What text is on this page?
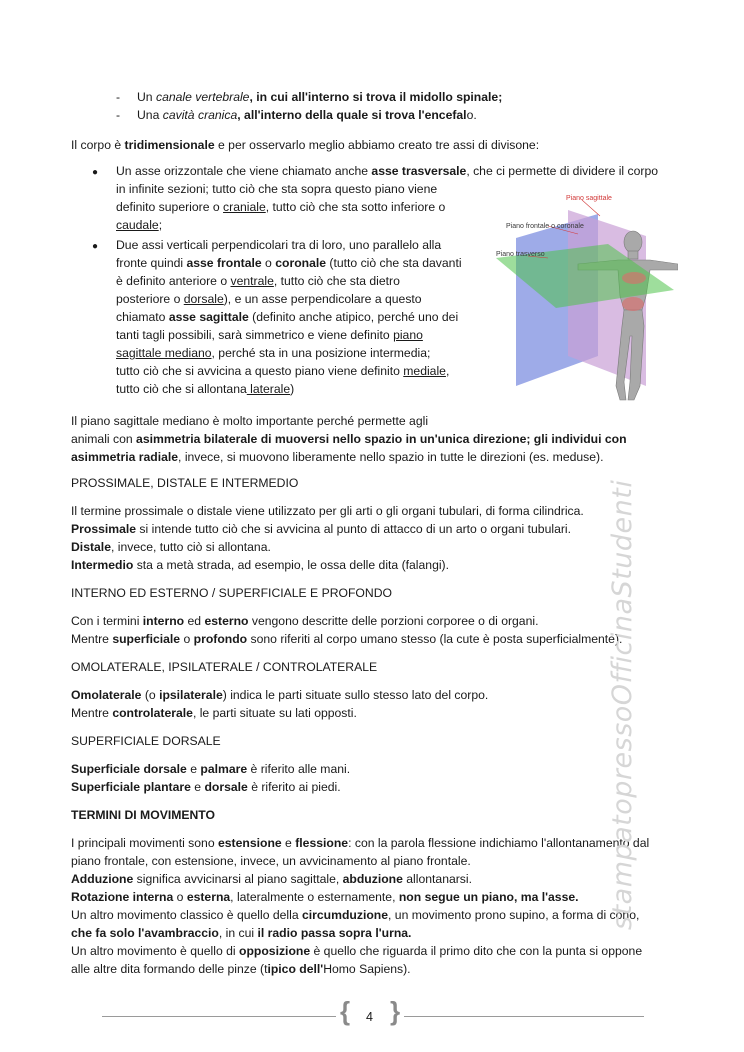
- Un canale vertebrale, in cui all'interno si trova il midollo spinale;
- Una cavità cranica, all'interno della quale si trova l'encefalo.
Il corpo è tridimensionale e per osservarlo meglio abbiamo creato tre assi di divisone:
● Un asse orizzontale che viene chiamato anche asse trasversale, che ci permette di dividere il corpo
in infinite sezioni; tutto ciò che sta sopra questo piano viene
definito superiore o craniale, tutto ciò che sta sotto inferiore o
caudale;
● Due assi verticali perpendicolari tra di loro, uno parallelo alla
fronte quindi asse frontale o coronale (tutto ciò che sta davanti
è definito anteriore o ventrale, tutto ciò che sta dietro
posteriore o dorsale), e un asse perpendicolare a questo
chiamato asse sagittale (definito anche atipico, perché uno dei
tanti tagli possibili, sarà simmetrico e viene definito piano
sagittale mediano, perché sta in una posizione intermedia;
tutto ciò che si avvicina a questo piano viene definito mediale,
tutto ciò che si allontana laterale)
Piano sagittale
Piano frontale o coronale
Piano trasverso
Il piano sagittale mediano è molto importante perché permette agli
animali con asimmetria bilaterale di muoversi nello spazio in un'unica direzione; gli individui con
asimmetria radiale, invece, si muovono liberamente nello spazio in tutte le direzioni (es. meduse).
PROSSIMALE, DISTALE E INTERMEDIO
Il termine prossimale o distale viene utilizzato per gli arti o gli organi tubulari, di forma cilindrica.
Prossimale si intende tutto ciò che si avvicina al punto di attacco di un arto o organi tubulari.
Distale, invece, tutto ciò si allontana.
Intermedio sta a metà strada, ad esempio, le ossa delle dita (falangi).
INTERNO ED ESTERNO / SUPERFICIALE E PROFONDO
Con i termini interno ed esterno vengono descritte delle porzioni corporee o di organi.
Mentre superficiale o profondo sono riferiti al corpo umano stesso (la cute è posta superficialmente).
OMOLATERALE, IPSILATERALE / CONTROLATERALE
Omolaterale (o ipsilaterale) indica le parti situate sullo stesso lato del corpo.
Mentre controlaterale, le parti situate su lati opposti.
SUPERFICIALE DORSALE
Superficiale dorsale e palmare è riferito alle mani.
Superficiale plantare e dorsale è riferito ai piedi.
TERMINI DI MOVIMENTO
I principali movimenti sono estensione e flessione: con la parola flessione indichiamo l'allontanamento dal
piano frontale, con estensione, invece, un avvicinamento al piano frontale.
Adduzione significa avvicinarsi al piano sagittale, abduzione allontanarsi.
Rotazione interna o esterna, lateralmente o esternamente, non segue un piano, ma l'asse.
Un altro movimento classico è quello della circumduzione, un movimento prono supino, a forma di cono,
che fa solo l'avambraccio, in cui il radio passa sopra l'urna.
Un altro movimento è quello di opposizione è quello che riguarda il primo dito che con la punta si oppone
alle altre dita formando delle pinze (tipico dell'Homo Sapiens).
stampatopressoOfficinaStudenti
{ 4 }
